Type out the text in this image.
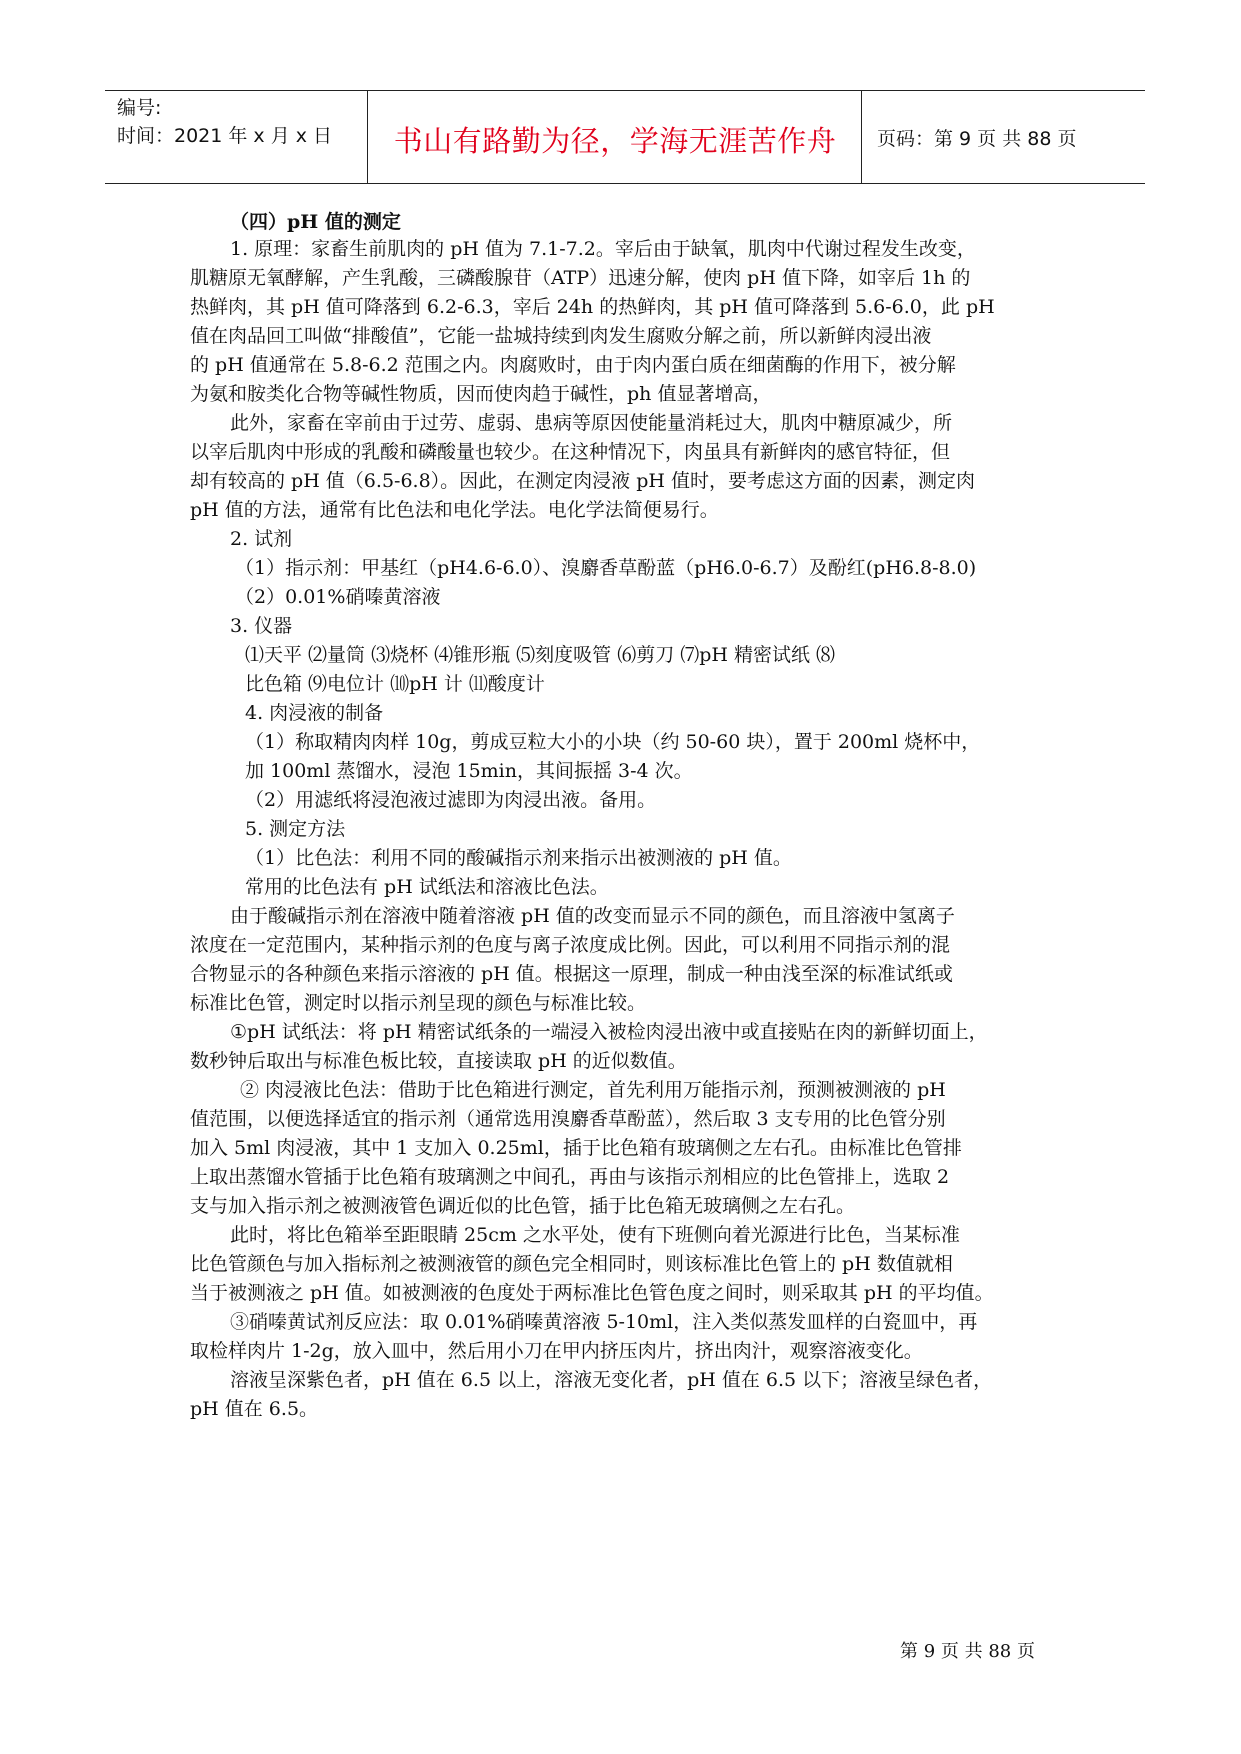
编号:
时间：2021 年 x 月 x 日	书山有路勤为径，学海无涯苦作舟	页码：第 9 页 共 88 页
（四）pH 值的测定
1. 原理：家畜生前肌肉的 pH 值为 7.1-7.2。宰后由于缺氧，肌肉中代谢过程发生改变，
肌糖原无氧酵解，产生乳酸，三磷酸腺苷（ATP）迅速分解，使肉 pH 值下降，如宰后 1h 的
热鲜肉，其 pH 值可降落到 6.2-6.3，宰后 24h 的热鲜肉，其 pH 值可降落到 5.6-6.0，此 pH
值在肉品回工叫做“排酸值”，它能一盐城持续到肉发生腐败分解之前，所以新鲜肉浸出液
的 pH 值通常在 5.8-6.2 范围之内。肉腐败时，由于肉内蛋白质在细菌酶的作用下，被分解
为氨和胺类化合物等碱性物质，因而使肉趋于碱性，ph 值显著增高，
此外，家畜在宰前由于过劳、虚弱、患病等原因使能量消耗过大，肌肉中糖原减少，所
以宰后肌肉中形成的乳酸和磷酸量也较少。在这种情况下，肉虽具有新鲜肉的感官特征，但
却有较高的 pH 值（6.5-6.8）。因此，在测定肉浸液 pH 值时，要考虑这方面的因素，测定肉
pH 值的方法，通常有比色法和电化学法。电化学法简便易行。
2. 试剂
（1）指示剂：甲基红（pH4.6-6.0）、溴麝香草酚蓝（pH6.0-6.7）及酚红(pH6.8-8.0)
（2）0.01%硝嗪黄溶液
3. 仪器
⑴天平 ⑵量筒 ⑶烧杯 ⑷锥形瓶 ⑸刻度吸管 ⑹剪刀 ⑺pH 精密试纸 ⑻
比色箱 ⑼电位计 ⑽pH 计 ⑾酸度计
4. 肉浸液的制备
（1）称取精肉肉样 10g，剪成豆粒大小的小块（约 50-60 块），置于 200ml 烧杯中，
加 100ml 蒸馏水，浸泡 15min，其间振摇 3-4 次。
（2）用滤纸将浸泡液过滤即为肉浸出液。备用。
5. 测定方法
（1）比色法：利用不同的酸碱指示剂来指示出被测液的 pH 值。
常用的比色法有 pH 试纸法和溶液比色法。
由于酸碱指示剂在溶液中随着溶液 pH 值的改变而显示不同的颜色，而且溶液中氢离子
浓度在一定范围内，某种指示剂的色度与离子浓度成比例。因此，可以利用不同指示剂的混
合物显示的各种颜色来指示溶液的 pH 值。根据这一原理，制成一种由浅至深的标准试纸或
标准比色管，测定时以指示剂呈现的颜色与标准比较。
①pH 试纸法：将 pH 精密试纸条的一端浸入被检肉浸出液中或直接贴在肉的新鲜切面上，
数秒钟后取出与标准色板比较，直接读取 pH 的近似数值。
② 肉浸液比色法：借助于比色箱进行测定，首先利用万能指示剂，预测被测液的 pH
值范围，以便选择适宜的指示剂（通常选用溴麝香草酚蓝），然后取 3 支专用的比色管分别
加入 5ml 肉浸液，其中 1 支加入 0.25ml，插于比色箱有玻璃侧之左右孔。由标准比色管排
上取出蒸馏水管插于比色箱有玻璃测之中间孔，再由与该指示剂相应的比色管排上，选取 2
支与加入指示剂之被测液管色调近似的比色管，插于比色箱无玻璃侧之左右孔。
此时，将比色箱举至距眼睛 25cm 之水平处，使有下班侧向着光源进行比色，当某标准
比色管颜色与加入指标剂之被测液管的颜色完全相同时，则该标准比色管上的 pH 数值就相
当于被测液之 pH 值。如被测液的色度处于两标准比色管色度之间时，则采取其 pH 的平均值。
③硝嗪黄试剂反应法：取 0.01%硝嗪黄溶液 5-10ml，注入类似蒸发皿样的白瓷皿中，再
取检样肉片 1-2g，放入皿中，然后用小刀在甲内挤压肉片，挤出肉汁，观察溶液变化。
溶液呈深紫色者，pH 值在 6.5 以上，溶液无变化者，pH 值在 6.5 以下；溶液呈绿色者，
pH 值在 6.5。
第 9 页 共 88 页
